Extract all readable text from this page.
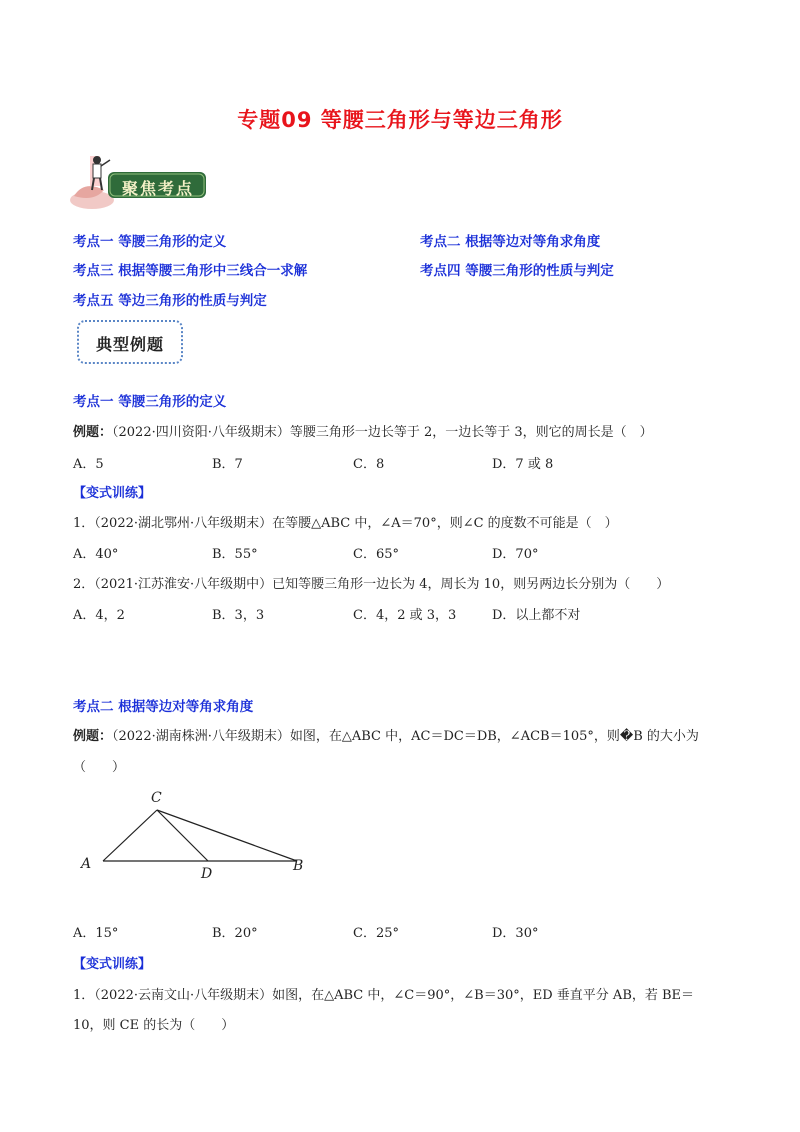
专题09 等腰三角形与等边三角形
聚焦考点
考点一 等腰三角形的定义	考点二 根据等边对等角求角度
考点三 根据等腰三角形中三线合一求解	考点四 等腰三角形的性质与判定
考点五 等边三角形的性质与判定
典型例题
考点一 等腰三角形的定义
例题：（2022·四川资阳·八年级期末）等腰三角形一边长等于 2，一边长等于 3，则它的周长是（　）
A．5	B．7	C．8	D．7 或 8
【变式训练】
1．（2022·湖北鄂州·八年级期末）在等腰△ABC 中，∠A＝70°，则∠C 的度数不可能是（　）
A．40°	B．55°	C．65°	D．70°
2．（2021·江苏淮安·八年级期中）已知等腰三角形一边长为 4，周长为 10，则另两边长分别为（　　）
A．4，2	B．3，3	C．4，2 或 3，3	D．以上都不对
考点二 根据等边对等角求角度
例题：（2022·湖南株洲·八年级期末）如图，在△ABC 中，AC＝DC＝DB，∠ACB＝105°，则�B 的大小为
（　　）
C
A
D	B
A．15°	B．20°	C．25°	D．30°
【变式训练】
1．（2022·云南文山·八年级期末）如图，在△ABC 中，∠C＝90°，∠B＝30°，ED 垂直平分 AB，若 BE＝
10，则 CE 的长为（　　）
